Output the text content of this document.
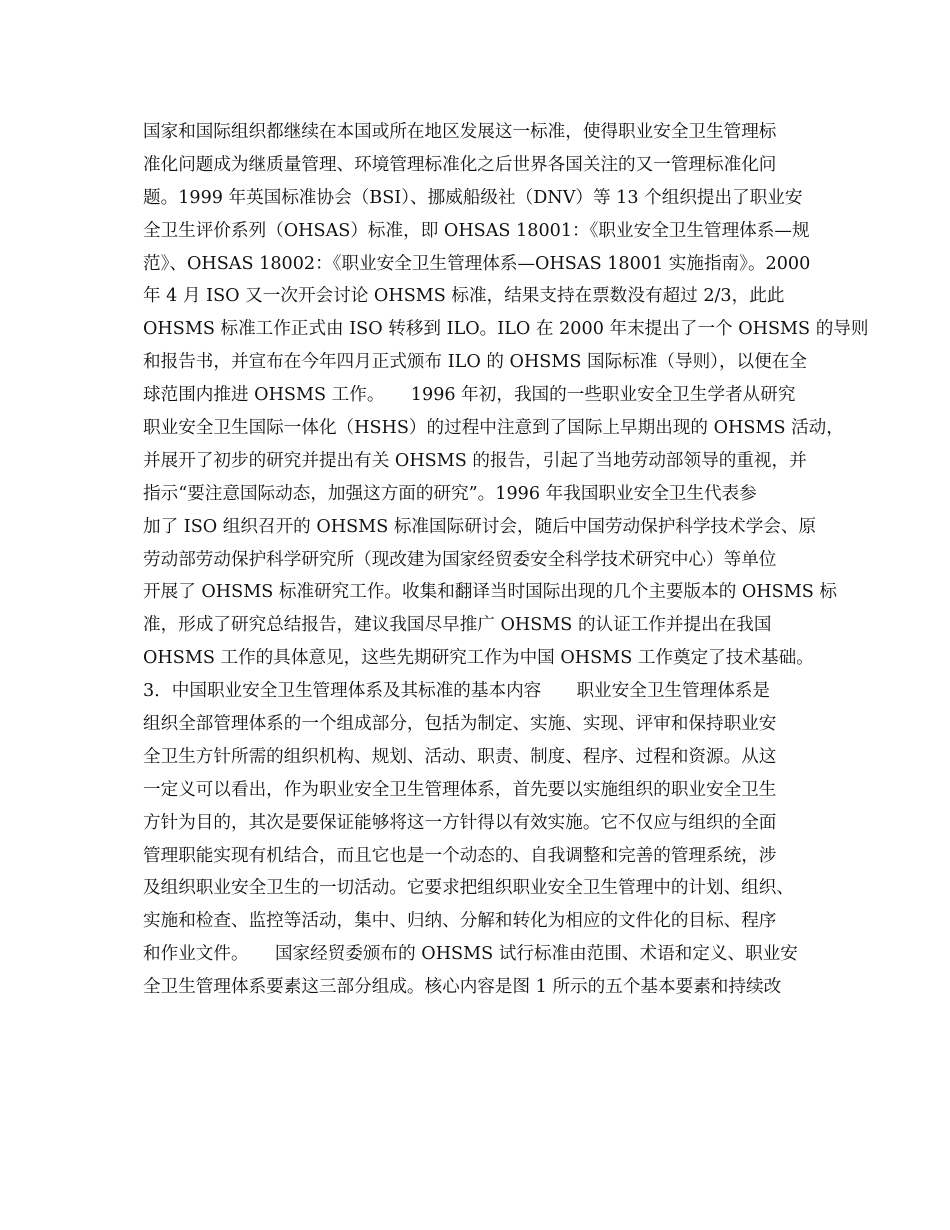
国家和国际组织都继续在本国或所在地区发展这一标准，使得职业安全卫生管理标
准化问题成为继质量管理、环境管理标准化之后世界各国关注的又一管理标准化问
题。1999 年英国标准协会（BSI）、挪威船级社（DNV）等 13 个组织提出了职业安
全卫生评价系列（OHSAS）标准，即 OHSAS 18001：《职业安全卫生管理体系—规
范》、OHSAS 18002：《职业安全卫生管理体系—OHSAS 18001 实施指南》。2000
年 4 月 ISO 又一次开会讨论 OHSMS 标准，结果支持在票数没有超过 2/3，此此
OHSMS 标准工作正式由 ISO 转移到 ILO。ILO 在 2000 年末提出了一个 OHSMS 的导则
和报告书，并宣布在今年四月正式颁布 ILO 的 OHSMS 国际标准（导则），以便在全
球范围内推进 OHSMS 工作。　　1996 年初，我国的一些职业安全卫生学者从研究
职业安全卫生国际一体化（HSHS）的过程中注意到了国际上早期出现的 OHSMS 活动，
并展开了初步的研究并提出有关 OHSMS 的报告，引起了当地劳动部领导的重视，并
指示“要注意国际动态，加强这方面的研究”。1996 年我国职业安全卫生代表参
加了 ISO 组织召开的 OHSMS 标准国际研讨会，随后中国劳动保护科学技术学会、原
劳动部劳动保护科学研究所（现改建为国家经贸委安全科学技术研究中心）等单位
开展了 OHSMS 标准研究工作。收集和翻译当时国际出现的几个主要版本的 OHSMS 标
准，形成了研究总结报告，建议我国尽早推广 OHSMS 的认证工作并提出在我国
OHSMS 工作的具体意见，这些先期研究工作为中国 OHSMS 工作奠定了技术基础。
3．中国职业安全卫生管理体系及其标准的基本内容　　职业安全卫生管理体系是
组织全部管理体系的一个组成部分，包括为制定、实施、实现、评审和保持职业安
全卫生方针所需的组织机构、规划、活动、职责、制度、程序、过程和资源。从这
一定义可以看出，作为职业安全卫生管理体系，首先要以实施组织的职业安全卫生
方针为目的，其次是要保证能够将这一方针得以有效实施。它不仅应与组织的全面
管理职能实现有机结合，而且它也是一个动态的、自我调整和完善的管理系统，涉
及组织职业安全卫生的一切活动。它要求把组织职业安全卫生管理中的计划、组织、
实施和检查、监控等活动，集中、归纳、分解和转化为相应的文件化的目标、程序
和作业文件。　　国家经贸委颁布的 OHSMS 试行标准由范围、术语和定义、职业安
全卫生管理体系要素这三部分组成。核心内容是图 1 所示的五个基本要素和持续改
